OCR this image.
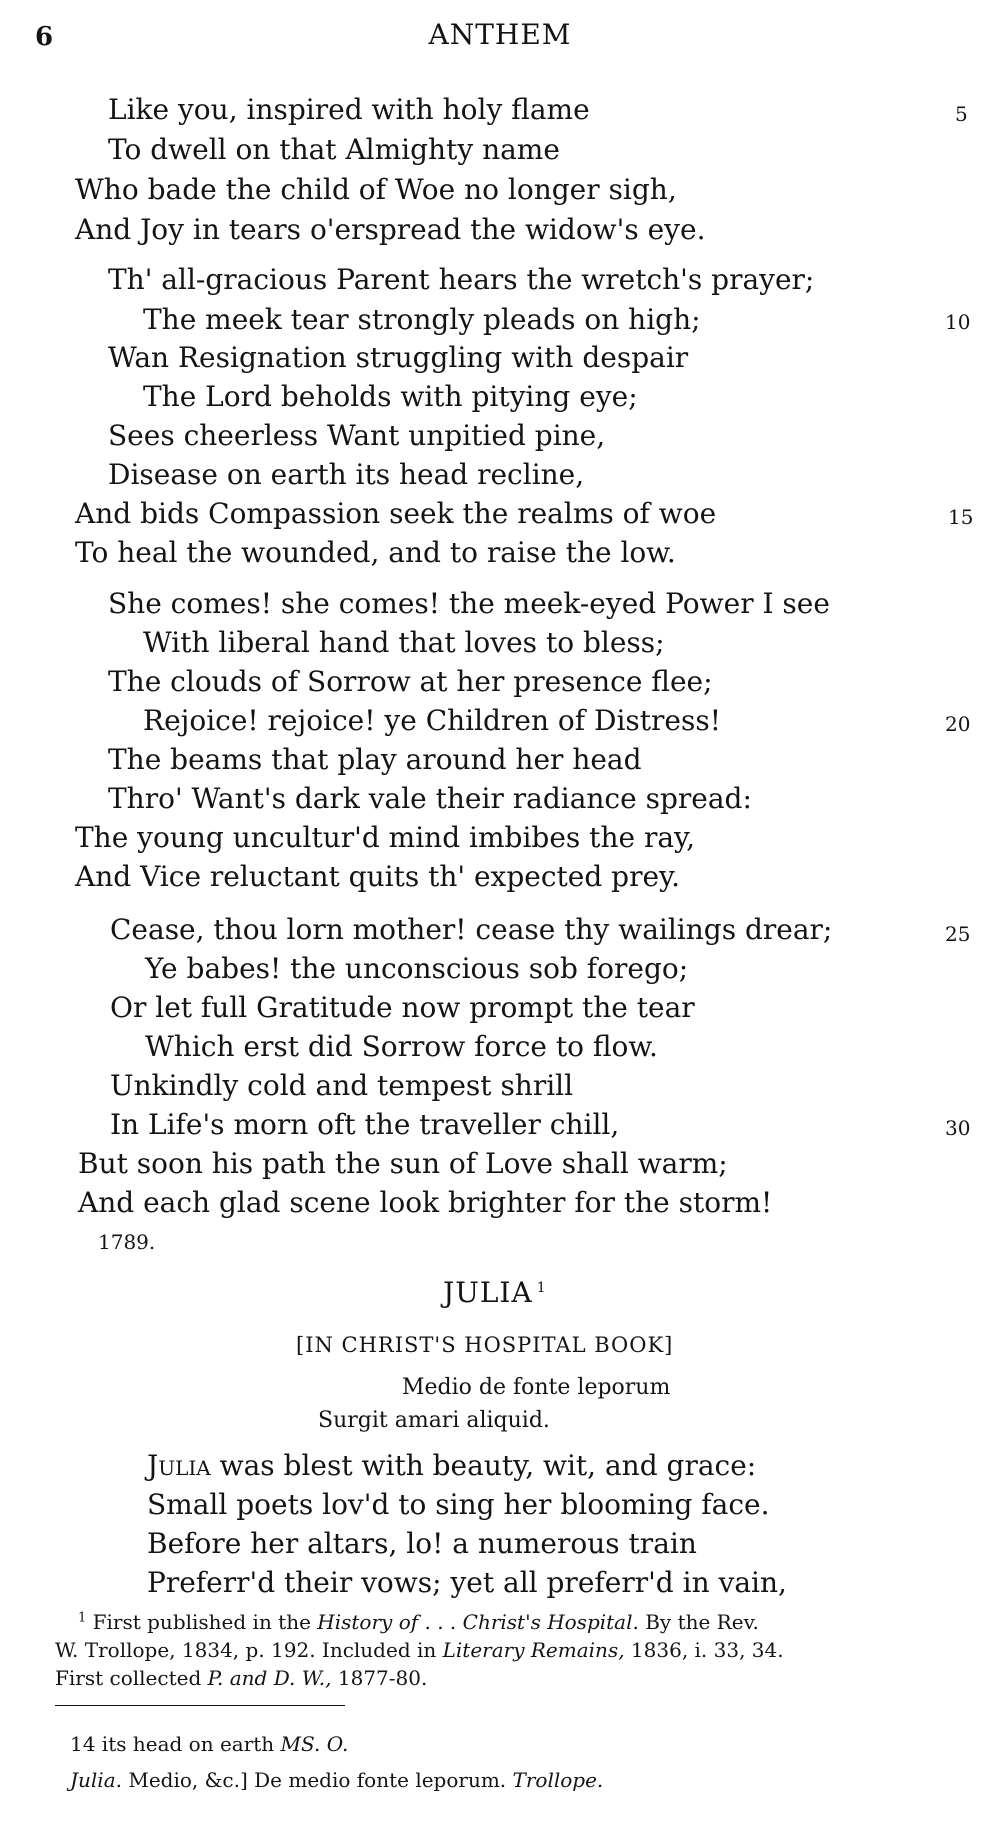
6	ANTHEM
Like you, inspired with holy flame
To dwell on that Almighty name
Who bade the child of Woe no longer sigh,
And Joy in tears o'erspread the widow's eye.
Th' all-gracious Parent hears the wretch's prayer;
The meek tear strongly pleads on high;
Wan Resignation struggling with despair
The Lord beholds with pitying eye;
Sees cheerless Want unpitied pine,
Disease on earth its head recline,
And bids Compassion seek the realms of woe
To heal the wounded, and to raise the low.
She comes! she comes! the meek-eyed Power I see
With liberal hand that loves to bless;
The clouds of Sorrow at her presence flee;
Rejoice! rejoice! ye Children of Distress!
The beams that play around her head
Thro' Want's dark vale their radiance spread:
The young uncultur'd mind imbibes the ray,
And Vice reluctant quits th' expected prey.
Cease, thou lorn mother! cease thy wailings drear;
Ye babes! the unconscious sob forego;
Or let full Gratitude now prompt the tear
Which erst did Sorrow force to flow.
Unkindly cold and tempest shrill
In Life's morn oft the traveller chill,
But soon his path the sun of Love shall warm;
And each glad scene look brighter for the storm!
5
10
15
20
25
30
1789.
JULIA $^1$
[IN CHRIST'S HOSPITAL BOOK]
Medio de fonte leporum
Surgit amari aliquid.
Julia was blest with beauty, wit, and grace:
Small poets lov'd to sing her blooming face.
Before her altars, lo! a numerous train
Preferr'd their vows; yet all preferr'd in vain,
$^1$ First published in the History of . . . Christ's Hospital. By the Rev.
W. Trollope, 1834, p. 192. Included in Literary Remains, 1836, i. 33, 34.
First collected P. and D. W., 1877-80.
14 its head on earth MS. O.
Julia. Medio, &c.] De medio fonte leporum. Trollope.
